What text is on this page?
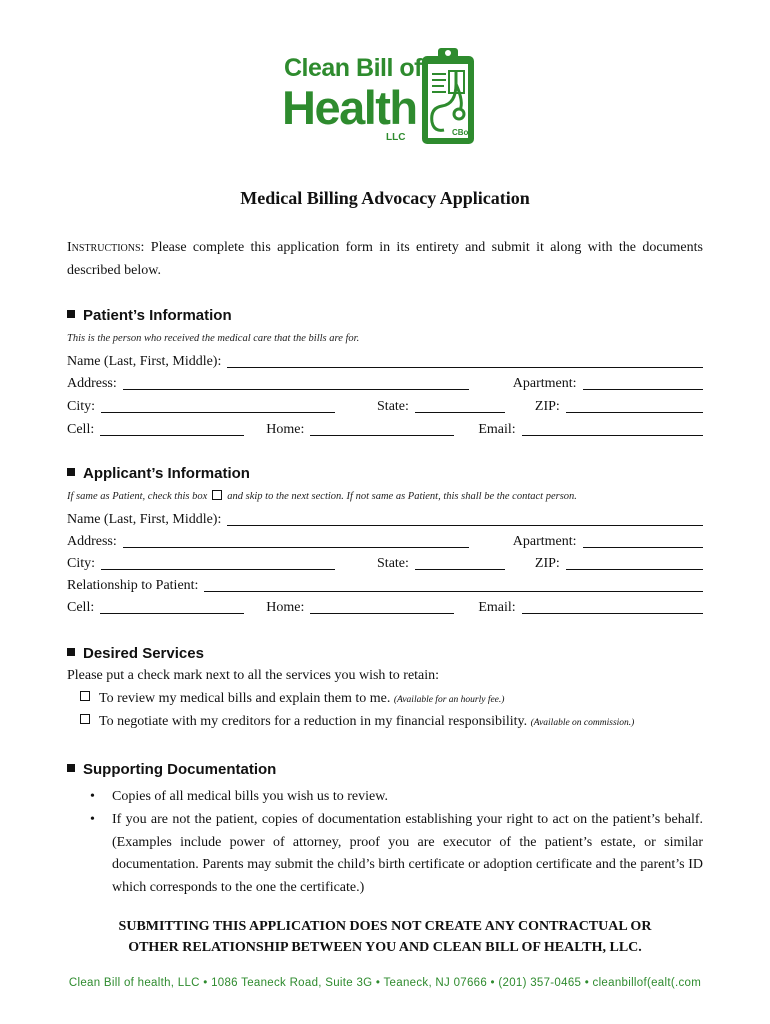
Clean Bill of
Health
LLC	CBoH
Medical Billing Advocacy Application
Instructions: Please complete this application form in its entirety and submit it along with the documents described below.
Patient’s Information
This is the person who received the medical care that the bills are for.
Name (Last, First, Middle):
Address:	Apartment:
City:	State:	ZIP:
Cell:	Home:	Email:
Applicant’s Information
If same as Patient, check this box and skip to the next section. If not same as Patient, this shall be the contact person.
Name (Last, First, Middle):
Address:	Apartment:
City:	State:	ZIP:
Relationship to Patient:
Cell:	Home:	Email:
Desired Services
Please put a check mark next to all the services you wish to retain:
To review my medical bills and explain them to me. (Available for an hourly fee.)
To negotiate with my creditors for a reduction in my financial responsibility. (Available on commission.)
Supporting Documentation
• Copies of all medical bills you wish us to review.
• If you are not the patient, copies of documentation establishing your right to act on the patient’s behalf. (Examples include power of attorney, proof you are executor of the patient’s estate, or similar documentation. Parents may submit the child’s birth certificate or adoption certificate and the parent’s ID which corresponds to the one the certificate.)
SUBMITTING THIS APPLICATION DOES NOT CREATE ANY CONTRACTUAL OR
OTHER RELATIONSHIP BETWEEN YOU AND CLEAN BILL OF HEALTH, LLC.
Clean Bill of health, LLC • 1086 Teaneck Road, Suite 3G • Teaneck, NJ 07666 • (201) 357-0465 • cleanbillof(ealt(.com
